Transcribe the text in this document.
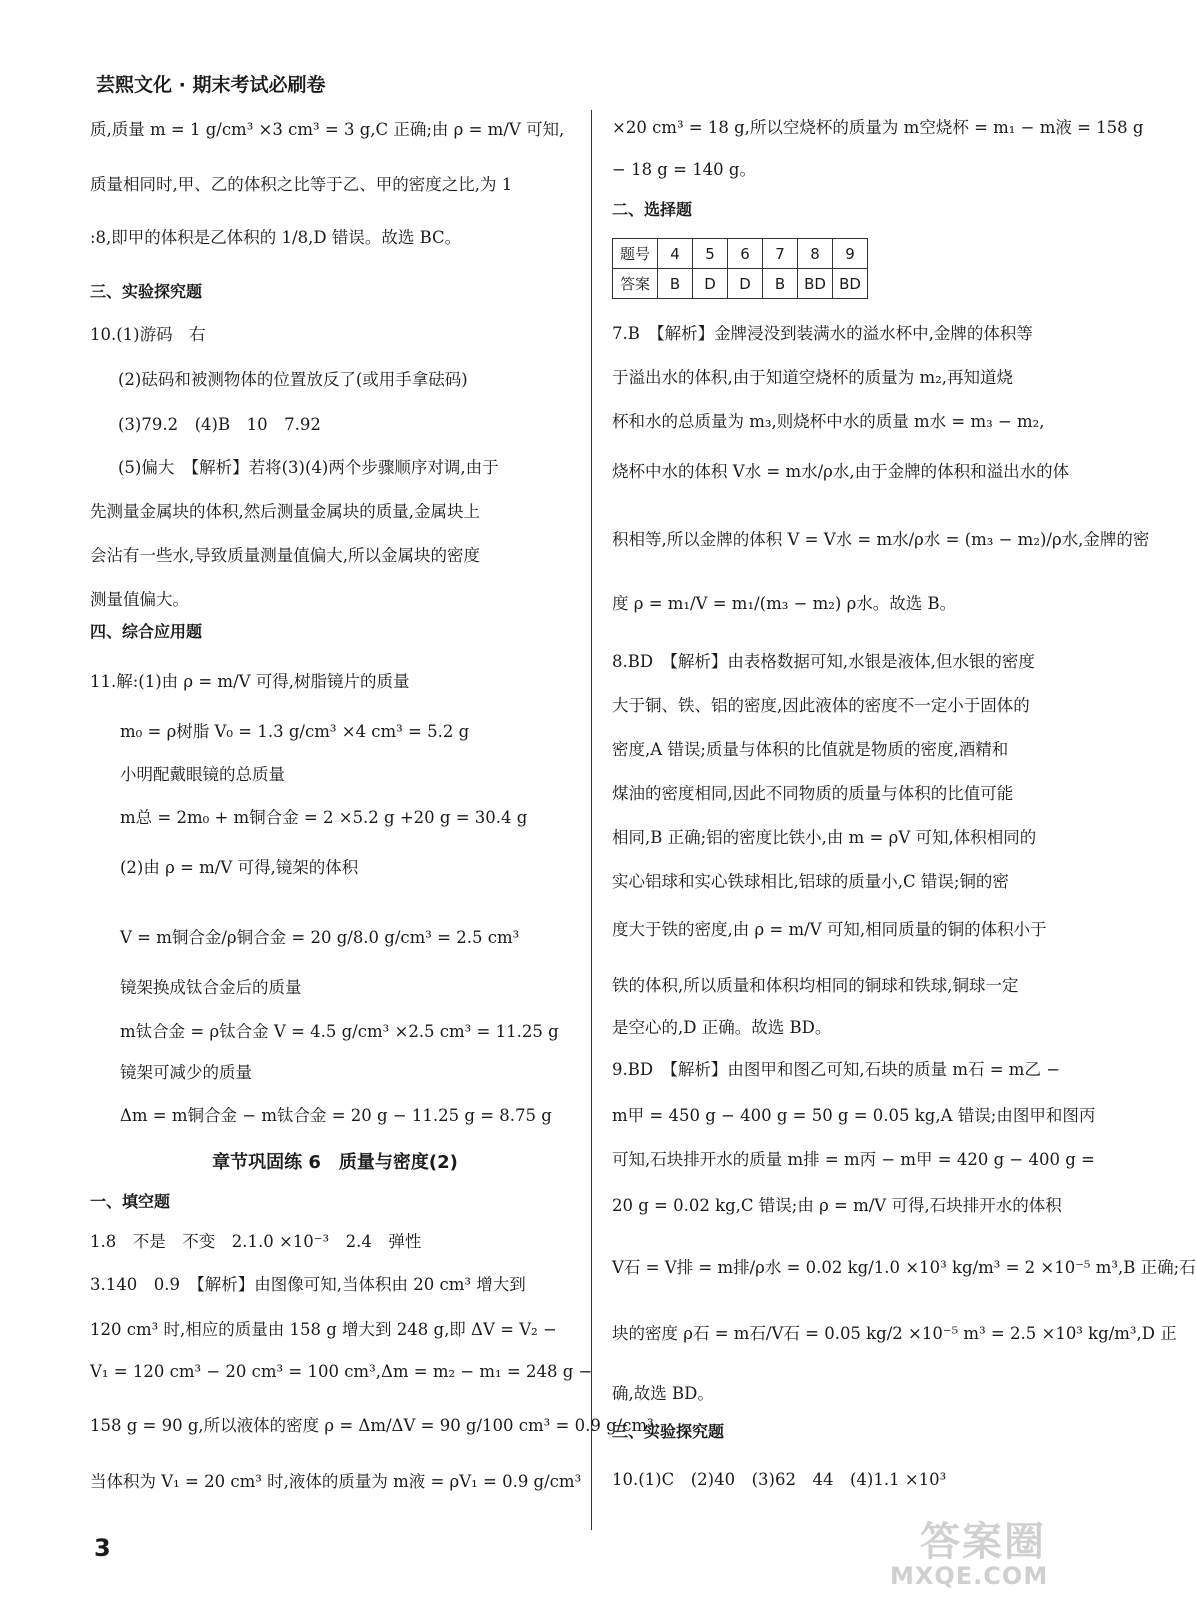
芸熙文化 · 期末考试必刷卷
质,质量 m = 1 g/cm³ ×3 cm³ = 3 g,C 正确;由 ρ = m/V 可知,
质量相同时,甲、乙的体积之比等于乙、甲的密度之比,为 1
:8,即甲的体积是乙体积的 1/8,D 错误。故选 BC。
三、实验探究题
10.(1)游码　右
(2)砝码和被测物体的位置放反了(或用手拿砝码)
(3)79.2　(4)B　10　7.92
(5)偏大　【解析】若将(3)(4)两个步骤顺序对调,由于
先测量金属块的体积,然后测量金属块的质量,金属块上
会沾有一些水,导致质量测量值偏大,所以金属块的密度
测量值偏大。
四、综合应用题
11.解:(1)由 ρ = m/V 可得,树脂镜片的质量
m₀ = ρ树脂 V₀ = 1.3 g/cm³ ×4 cm³ = 5.2 g
小明配戴眼镜的总质量
m总 = 2m₀ + m铜合金 = 2 ×5.2 g +20 g = 30.4 g
(2)由 ρ = m/V 可得,镜架的体积
V = m铜合金/ρ铜合金 = 20 g/8.0 g/cm³ = 2.5 cm³
镜架换成钛合金后的质量
m钛合金 = ρ钛合金 V = 4.5 g/cm³ ×2.5 cm³ = 11.25 g
镜架可减少的质量
Δm = m铜合金 − m钛合金 = 20 g − 11.25 g = 8.75 g
章节巩固练 6　质量与密度(2)
一、填空题
1.8　不是　不变　2.1.0 ×10⁻³　2.4　弹性
3.140　0.9　【解析】由图像可知,当体积由 20 cm³ 增大到
120 cm³ 时,相应的质量由 158 g 增大到 248 g,即 ΔV = V₂ −
V₁ = 120 cm³ − 20 cm³ = 100 cm³,Δm = m₂ − m₁ = 248 g −
158 g = 90 g,所以液体的密度 ρ = Δm/ΔV = 90 g/100 cm³ = 0.9 g/cm³;
当体积为 V₁ = 20 cm³ 时,液体的质量为 m液 = ρV₁ = 0.9 g/cm³
×20 cm³ = 18 g,所以空烧杯的质量为 m空烧杯 = m₁ − m液 = 158 g
− 18 g = 140 g。
二、选择题
题号	4	5	6	7	8	9
答案	B	D	D	B	BD	BD
7.B　【解析】金牌浸没到装满水的溢水杯中,金牌的体积等
于溢出水的体积,由于知道空烧杯的质量为 m₂,再知道烧
杯和水的总质量为 m₃,则烧杯中水的质量 m水 = m₃ − m₂,
烧杯中水的体积 V水 = m水/ρ水,由于金牌的体积和溢出水的体
积相等,所以金牌的体积 V = V水 = m水/ρ水 = (m₃ − m₂)/ρ水,金牌的密
度 ρ = m₁/V = m₁/(m₃ − m₂) ρ水。故选 B。
8.BD　【解析】由表格数据可知,水银是液体,但水银的密度
大于铜、铁、铝的密度,因此液体的密度不一定小于固体的
密度,A 错误;质量与体积的比值就是物质的密度,酒精和
煤油的密度相同,因此不同物质的质量与体积的比值可能
相同,B 正确;铝的密度比铁小,由 m = ρV 可知,体积相同的
实心铝球和实心铁球相比,铝球的质量小,C 错误;铜的密
度大于铁的密度,由 ρ = m/V 可知,相同质量的铜的体积小于
铁的体积,所以质量和体积均相同的铜球和铁球,铜球一定
是空心的,D 正确。故选 BD。
9.BD　【解析】由图甲和图乙可知,石块的质量 m石 = m乙 −
m甲 = 450 g − 400 g = 50 g = 0.05 kg,A 错误;由图甲和图丙
可知,石块排开水的质量 m排 = m丙 − m甲 = 420 g − 400 g =
20 g = 0.02 kg,C 错误;由 ρ = m/V 可得,石块排开水的体积
V石 = V排 = m排/ρ水 = 0.02 kg/1.0 ×10³ kg/m³ = 2 ×10⁻⁵ m³,B 正确;石
块的密度 ρ石 = m石/V石 = 0.05 kg/2 ×10⁻⁵ m³ = 2.5 ×10³ kg/m³,D 正
确,故选 BD。
三、实验探究题
10.(1)C　(2)40　(3)62　44　(4)1.1 ×10³
3	答案圈
MXQE.COM
